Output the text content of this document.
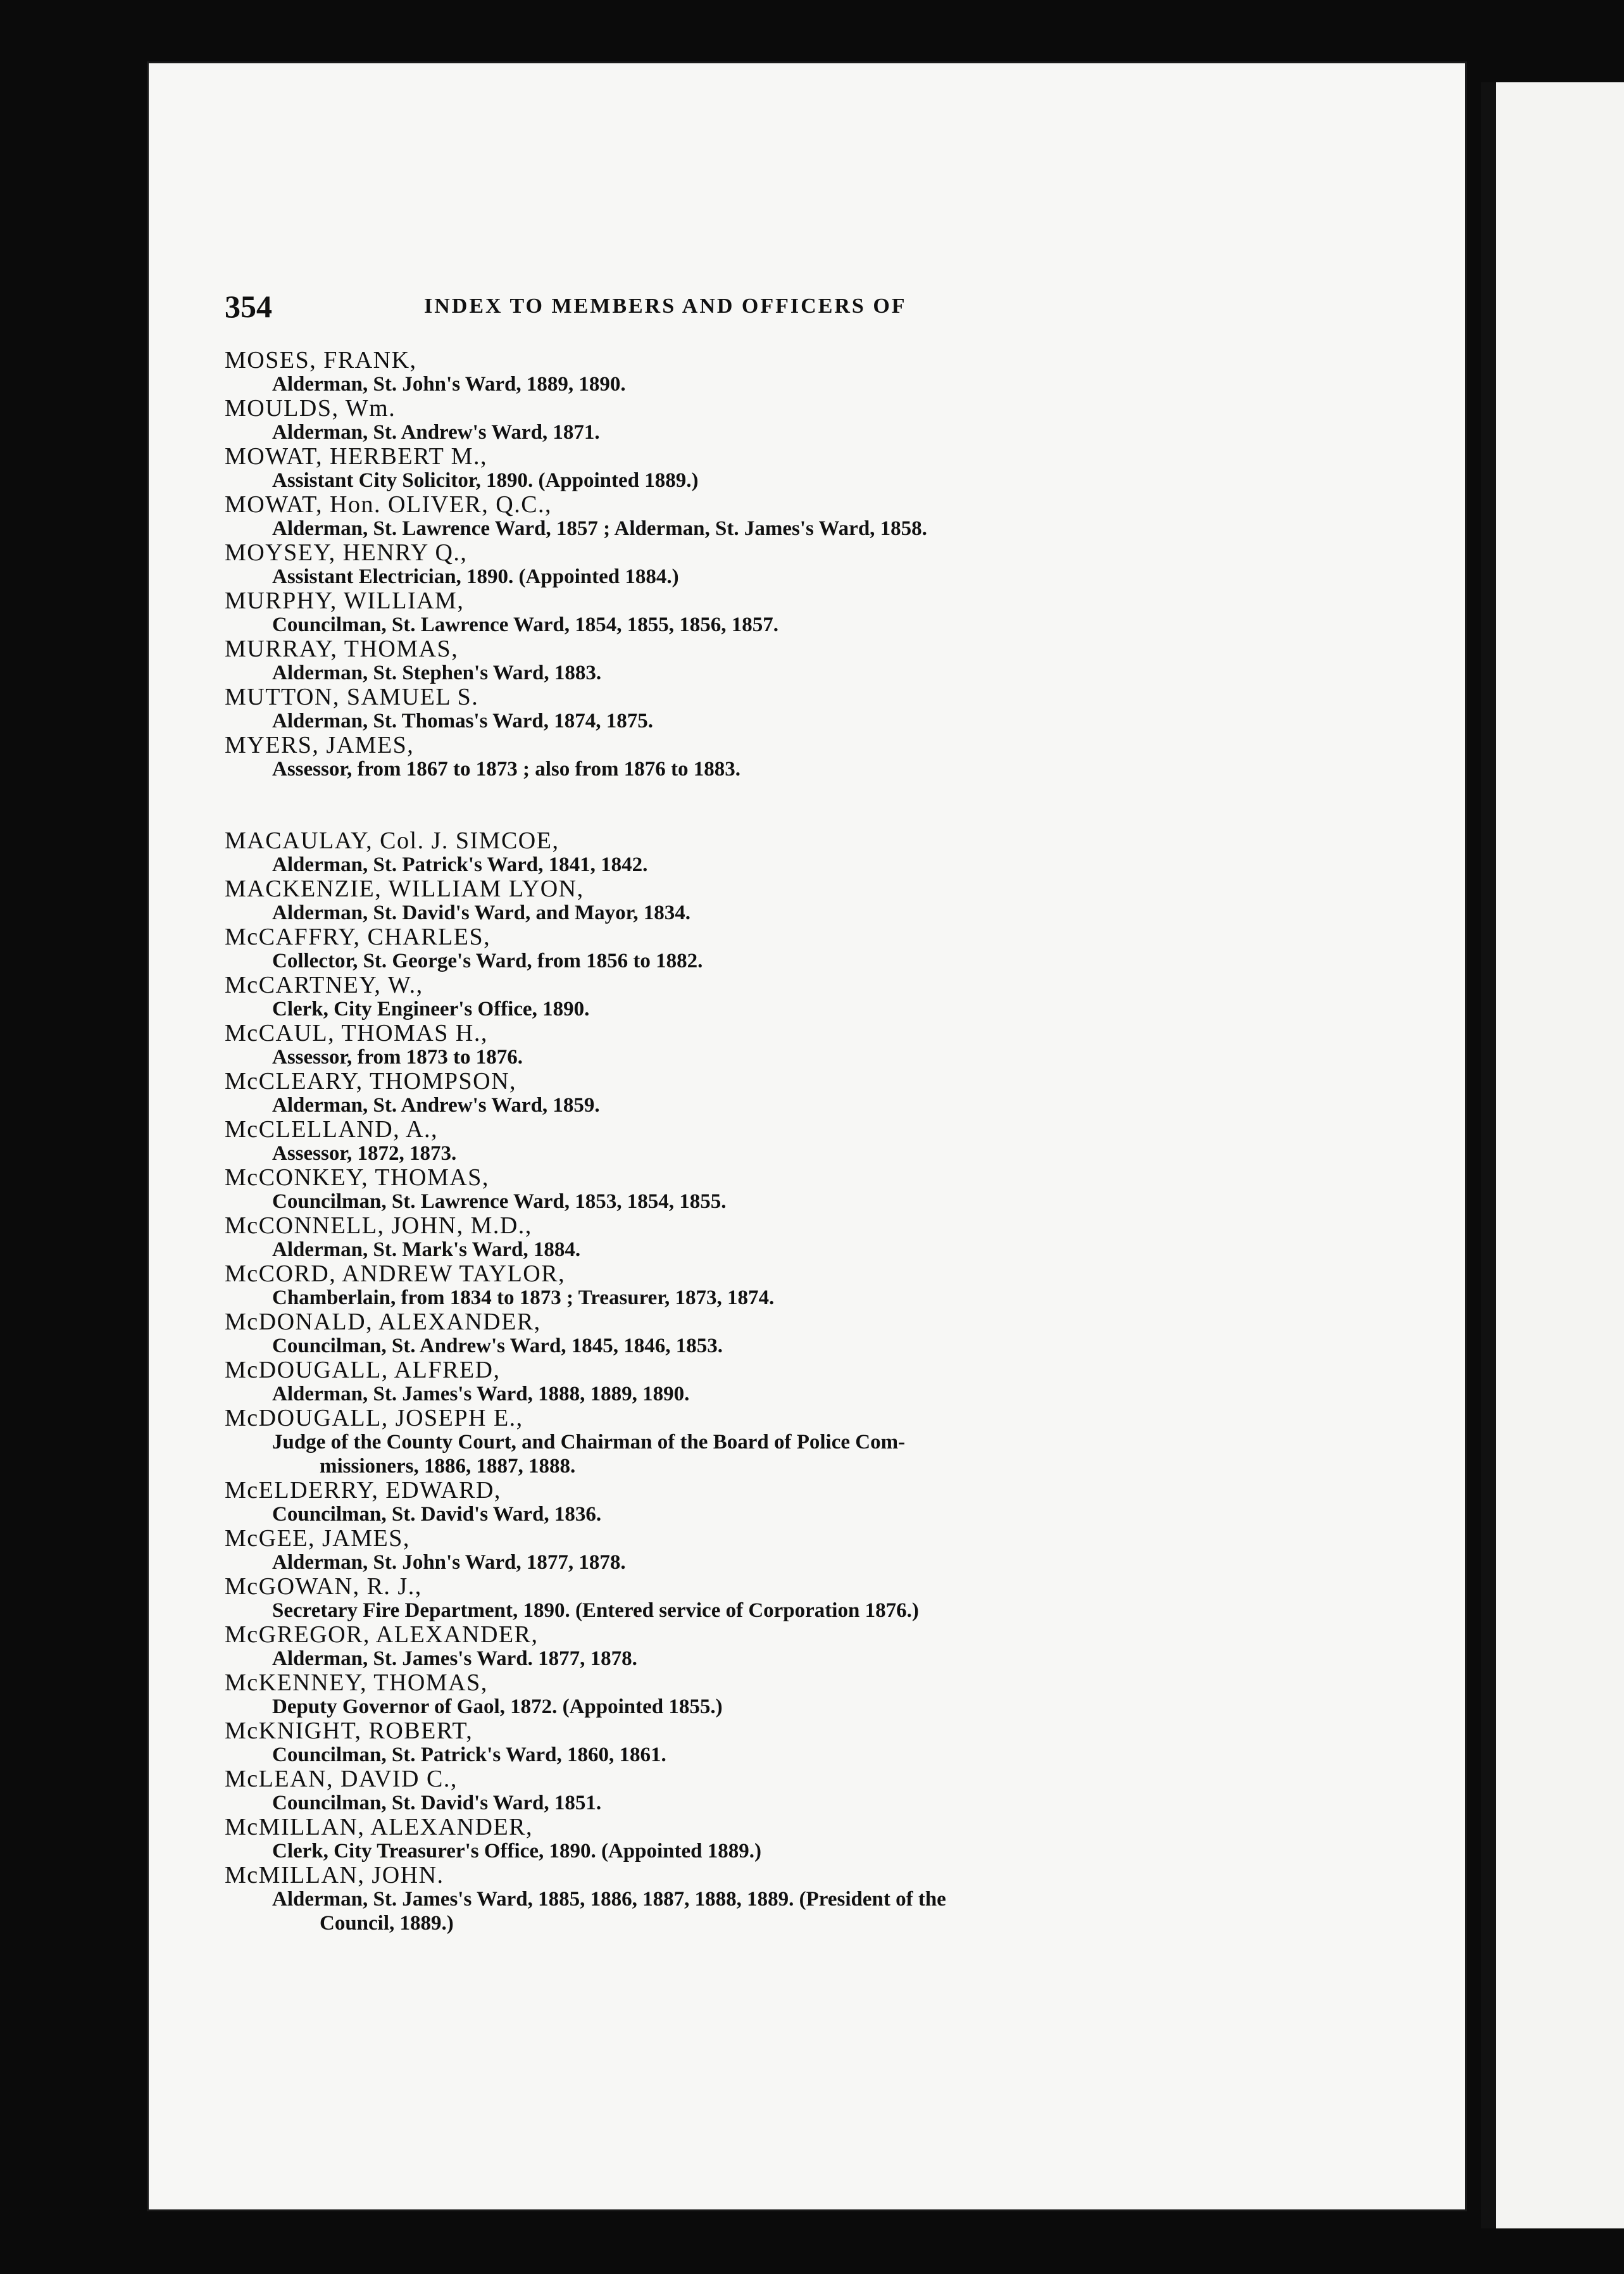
354	INDEX TO MEMBERS AND OFFICERS OF
MOSES, FRANK,
Alderman, St. John's Ward, 1889, 1890.
MOULDS, Wm.
Alderman, St. Andrew's Ward, 1871.
MOWAT, HERBERT M.,
Assistant City Solicitor, 1890. (Appointed 1889.)
MOWAT, Hon. OLIVER, Q.C.,
Alderman, St. Lawrence Ward, 1857 ; Alderman, St. James's Ward, 1858.
MOYSEY, HENRY Q.,
Assistant Electrician, 1890. (Appointed 1884.)
MURPHY, WILLIAM,
Councilman, St. Lawrence Ward, 1854, 1855, 1856, 1857.
MURRAY, THOMAS,
Alderman, St. Stephen's Ward, 1883.
MUTTON, SAMUEL S.
Alderman, St. Thomas's Ward, 1874, 1875.
MYERS, JAMES,
Assessor, from 1867 to 1873 ; also from 1876 to 1883.
MACAULAY, Col. J. SIMCOE,
Alderman, St. Patrick's Ward, 1841, 1842.
MACKENZIE, WILLIAM LYON,
Alderman, St. David's Ward, and Mayor, 1834.
McCAFFRY, CHARLES,
Collector, St. George's Ward, from 1856 to 1882.
McCARTNEY, W.,
Clerk, City Engineer's Office, 1890.
McCAUL, THOMAS H.,
Assessor, from 1873 to 1876.
McCLEARY, THOMPSON,
Alderman, St. Andrew's Ward, 1859.
McCLELLAND, A.,
Assessor, 1872, 1873.
McCONKEY, THOMAS,
Councilman, St. Lawrence Ward, 1853, 1854, 1855.
McCONNELL, JOHN, M.D.,
Alderman, St. Mark's Ward, 1884.
McCORD, ANDREW TAYLOR,
Chamberlain, from 1834 to 1873 ; Treasurer, 1873, 1874.
McDONALD, ALEXANDER,
Councilman, St. Andrew's Ward, 1845, 1846, 1853.
McDOUGALL, ALFRED,
Alderman, St. James's Ward, 1888, 1889, 1890.
McDOUGALL, JOSEPH E.,
Judge of the County Court, and Chairman of the Board of Police Com-
missioners, 1886, 1887, 1888.
McELDERRY, EDWARD,
Councilman, St. David's Ward, 1836.
McGEE, JAMES,
Alderman, St. John's Ward, 1877, 1878.
McGOWAN, R. J.,
Secretary Fire Department, 1890. (Entered service of Corporation 1876.)
McGREGOR, ALEXANDER,
Alderman, St. James's Ward. 1877, 1878.
McKENNEY, THOMAS,
Deputy Governor of Gaol, 1872. (Appointed 1855.)
McKNIGHT, ROBERT,
Councilman, St. Patrick's Ward, 1860, 1861.
McLEAN, DAVID C.,
Councilman, St. David's Ward, 1851.
McMILLAN, ALEXANDER,
Clerk, City Treasurer's Office, 1890. (Appointed 1889.)
McMILLAN, JOHN.
Alderman, St. James's Ward, 1885, 1886, 1887, 1888, 1889. (President of the
Council, 1889.)
